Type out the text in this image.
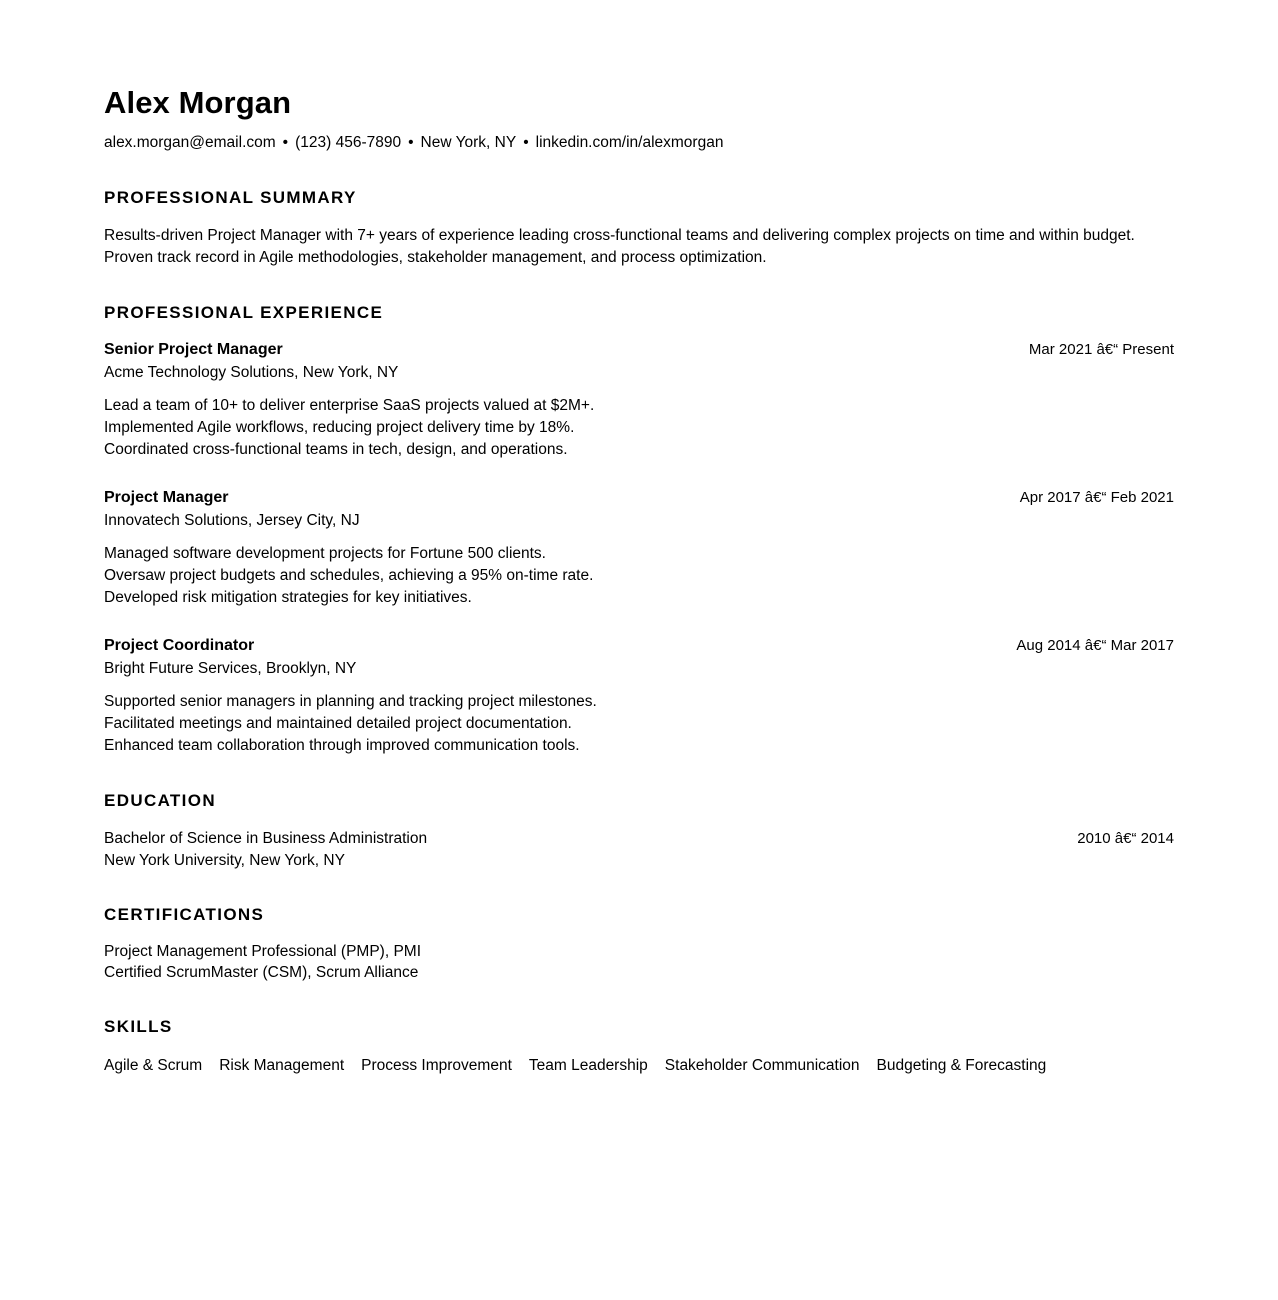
Alex Morgan
alex.morgan@email.com • (123) 456-7890 • New York, NY • linkedin.com/in/alexmorgan
PROFESSIONAL SUMMARY

Results-driven Project Manager with 7+ years of experience leading cross-functional teams and delivering complex projects on time and within budget. Proven track record in Agile methodologies, stakeholder management, and process optimization.

PROFESSIONAL EXPERIENCE
Senior Project Manager	Mar 2021 â€“ Present
Acme Technology Solutions, New York, NY
Lead a team of 10+ to deliver enterprise SaaS projects valued at $2M+.
Implemented Agile workflows, reducing project delivery time by 18%.
Coordinated cross-functional teams in tech, design, and operations.
Project Manager	Apr 2017 â€“ Feb 2021
Innovatech Solutions, Jersey City, NJ
Managed software development projects for Fortune 500 clients.
Oversaw project budgets and schedules, achieving a 95% on-time rate.
Developed risk mitigation strategies for key initiatives.
Project Coordinator	Aug 2014 â€“ Mar 2017
Bright Future Services, Brooklyn, NY
Supported senior managers in planning and tracking project milestones.
Facilitated meetings and maintained detailed project documentation.
Enhanced team collaboration through improved communication tools.
EDUCATION
Bachelor of Science in Business Administration	2010 â€“ 2014
New York University, New York, NY
CERTIFICATIONS
Project Management Professional (PMP), PMI
Certified ScrumMaster (CSM), Scrum Alliance
SKILLS
Agile & Scrum Risk Management Process Improvement Team Leadership Stakeholder Communication Budgeting & Forecasting
